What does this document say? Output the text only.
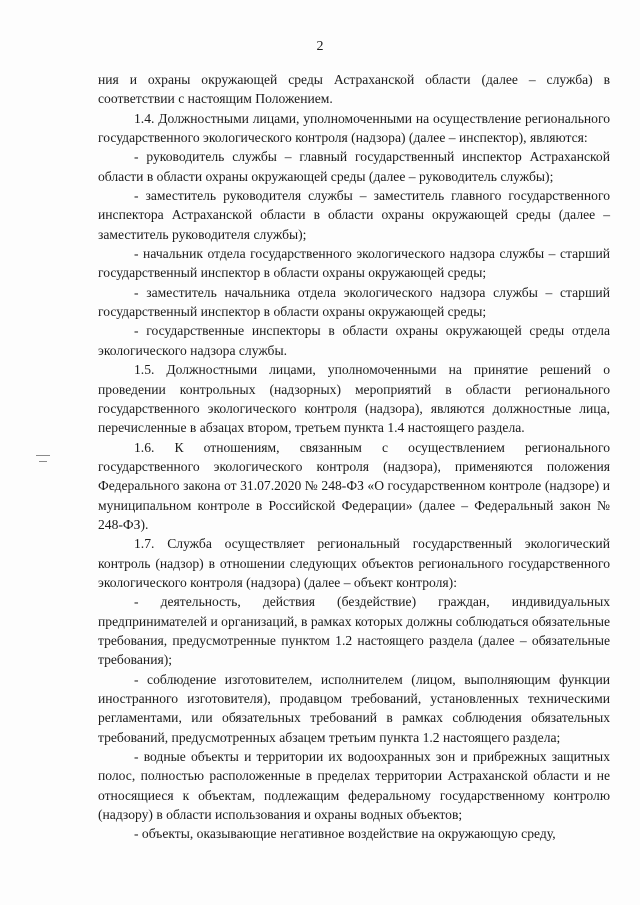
2

ния и охраны окружающей среды Астраханской области (далее – служба) в соответствии с настоящим Положением.

1.4. Должностными лицами, уполномоченными на осуществление регионального государственного экологического контроля (надзора) (далее – инспектор), являются:

- руководитель службы – главный государственный инспектор Астраханской области в области охраны окружающей среды (далее – руководитель службы);

- заместитель руководителя службы – заместитель главного государственного инспектора Астраханской области в области охраны окружающей среды (далее – заместитель руководителя службы);

- начальник отдела государственного экологического надзора службы – старший государственный инспектор в области охраны окружающей среды;

- заместитель начальника отдела экологического надзора службы – старший государственный инспектор в области охраны окружающей среды;

- государственные инспекторы в области охраны окружающей среды отдела экологического надзора службы.

1.5. Должностными лицами, уполномоченными на принятие решений о проведении контрольных (надзорных) мероприятий в области регионального государственного экологического контроля (надзора), являются должностные лица, перечисленные в абзацах втором, третьем пункта 1.4 настоящего раздела.

1.6. К отношениям, связанным с осуществлением регионального государственного экологического контроля (надзора), применяются положения Федерального закона от 31.07.2020 № 248-ФЗ «О государственном контроле (надзоре) и муниципальном контроле в Российской Федерации» (далее – Федеральный закон № 248-ФЗ).

1.7. Служба осуществляет региональный государственный экологический контроль (надзор) в отношении следующих объектов регионального государственного экологического контроля (надзора) (далее – объект контроля):

- деятельность, действия (бездействие) граждан, индивидуальных предпринимателей и организаций, в рамках которых должны соблюдаться обязательные требования, предусмотренные пунктом 1.2 настоящего раздела (далее – обязательные требования);

- соблюдение изготовителем, исполнителем (лицом, выполняющим функции иностранного изготовителя), продавцом требований, установленных техническими регламентами, или обязательных требований в рамках соблюдения обязательных требований, предусмотренных абзацем третьим пункта 1.2 настоящего раздела;

- водные объекты и территории их водоохранных зон и прибрежных защитных полос, полностью расположенные в пределах территории Астраханской области и не относящиеся к объектам, подлежащим федеральному государственному контролю (надзору) в области использования и охраны водных объектов;

- объекты, оказывающие негативное воздействие на окружающую среду,
